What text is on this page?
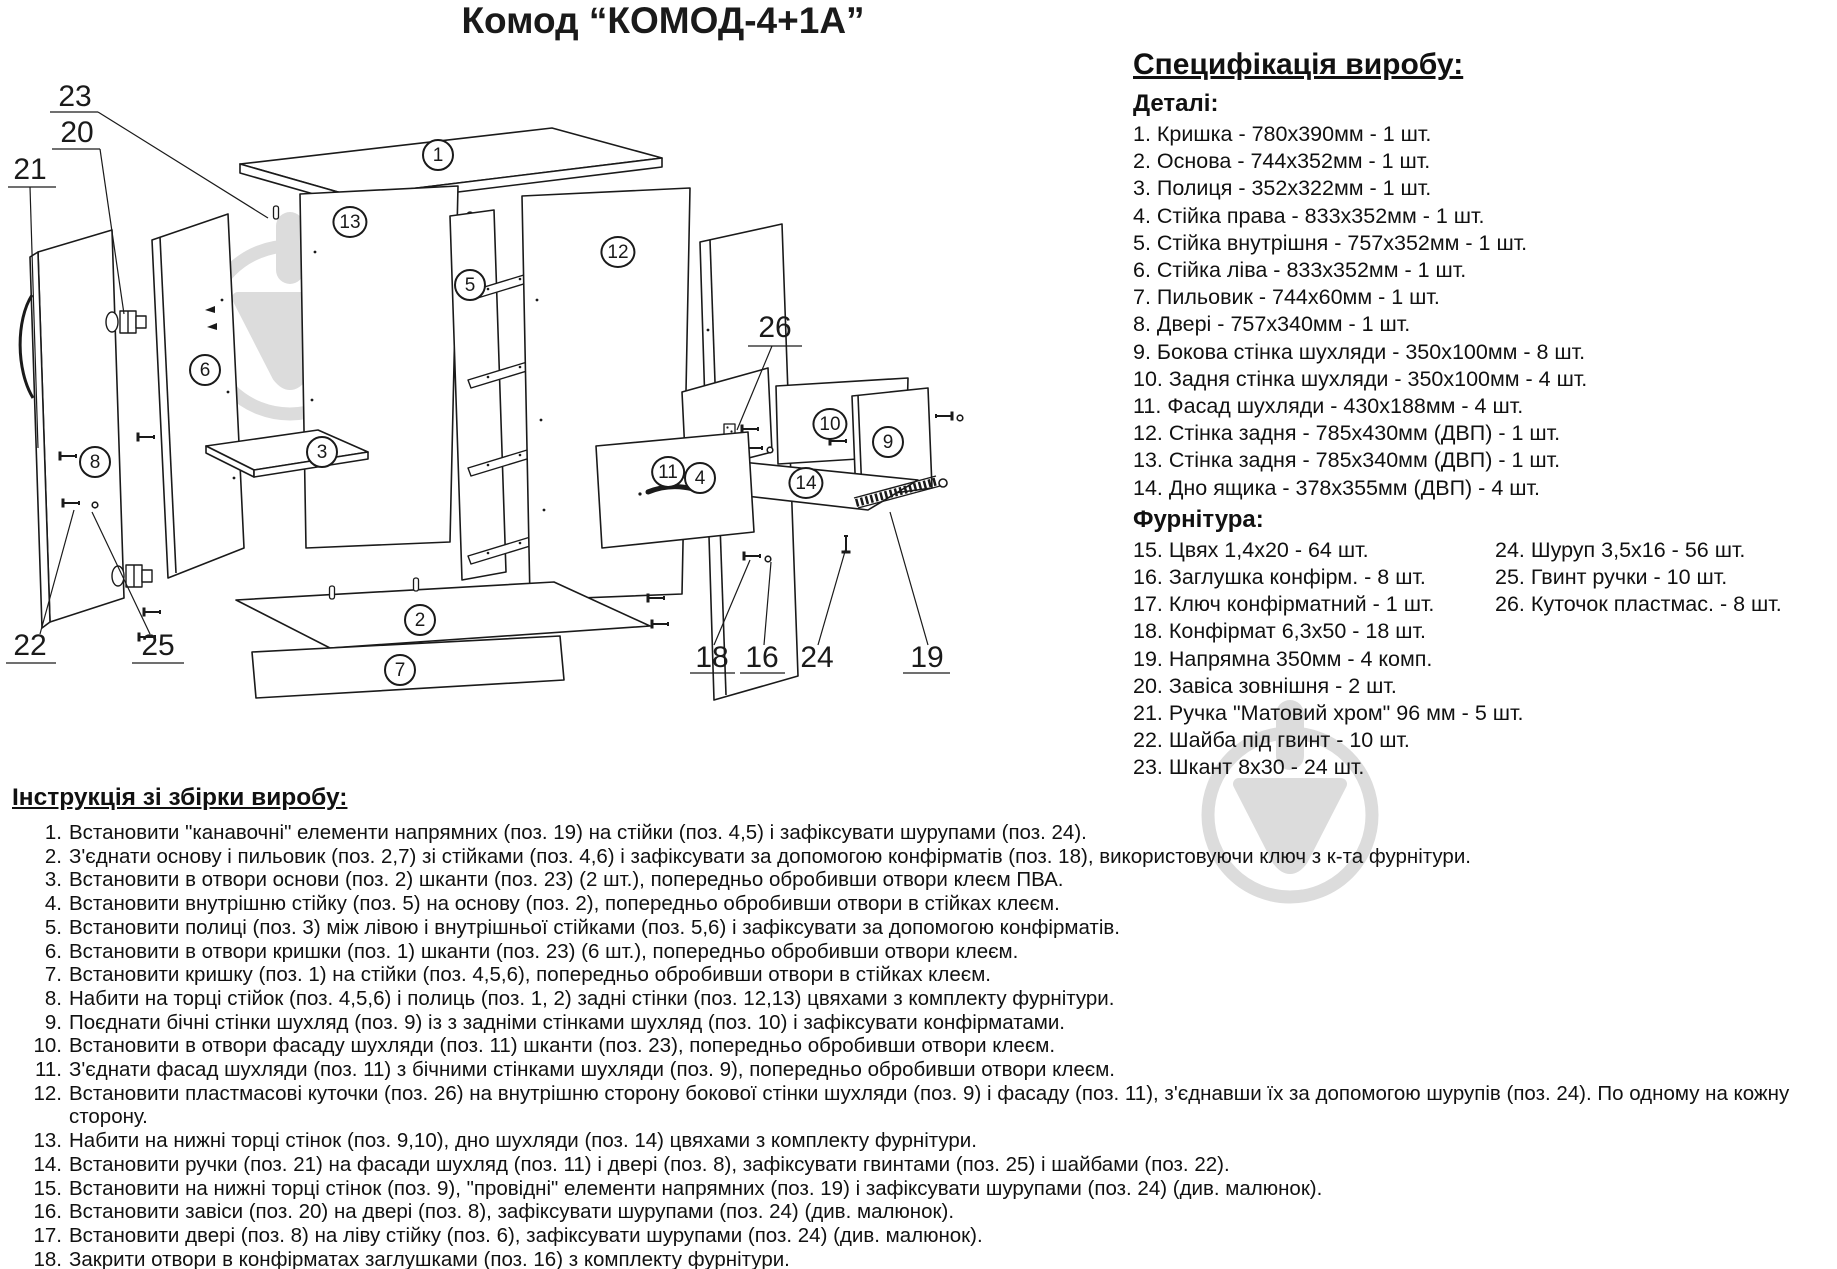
Комод “КОМОД-4+1А”
1
13
5
12
6
3
8
4
11
10
9
14
2
7
23
20
21
22	25
26
18 16 24	19
Специфікація виробу:
Деталі:
1. Кришка - 780х390мм - 1 шт.
2. Основа - 744х352мм - 1 шт.
3. Полиця - 352х322мм - 1 шт.
4. Стійка права - 833х352мм - 1 шт.
5. Стійка внутрішня - 757х352мм - 1 шт.
6. Стійка ліва - 833х352мм - 1 шт.
7. Пильовик - 744х60мм - 1 шт.
8. Двері - 757х340мм - 1 шт.
9. Бокова стінка шухляди - 350х100мм - 8 шт.
10. Задня стінка шухляди - 350х100мм - 4 шт.
11. Фасад шухляди - 430х188мм - 4 шт.
12. Стінка задня - 785х430мм (ДВП) - 1 шт.
13. Стінка задня - 785х340мм (ДВП) - 1 шт.
14. Дно ящика - 378х355мм (ДВП) - 4 шт.
Фурнітура:
15. Цвях 1,4х20 - 64 шт.	24. Шуруп 3,5х16 - 56 шт.
16. Заглушка конфірм. - 8 шт.	25. Гвинт ручки - 10 шт.
17. Ключ конфірматний - 1 шт.	26. Куточок пластмас. - 8 шт.
18. Конфірмат 6,3х50 - 18 шт.
19. Напрямна 350мм - 4 комп.
20. Завіса зовнішня - 2 шт.
21. Ручка "Матовий хром" 96 мм - 5 шт.
22. Шайба під гвинт - 10 шт.
23. Шкант 8х30 - 24 шт.
Інструкція зі збірки виробу:
1. Встановити "канавочні" елементи напрямних (поз. 19) на стійки (поз. 4,5) і зафіксувати шурупами (поз. 24).
2. З'єднати основу і пильовик (поз. 2,7) зі стійками (поз. 4,6) і зафіксувати за допомогою конфірматів (поз. 18), використовуючи ключ з к-та фурнітури.
3. Встановити в отвори основи (поз. 2) шканти (поз. 23) (2 шт.), попередньо обробивши отвори клеєм ПВА.
4. Встановити внутрішню стійку (поз. 5) на основу (поз. 2), попередньо обробивши отвори в стійках клеєм.
5. Встановити полиці (поз. 3) між лівою і внутрішньої стійками (поз. 5,6) і зафіксувати за допомогою конфірматів.
6. Встановити в отвори кришки (поз. 1) шканти (поз. 23) (6 шт.), попередньо обробивши отвори клеєм.
7. Встановити кришку (поз. 1) на стійки (поз. 4,5,6), попередньо обробивши отвори в стійках клеєм.
8. Набити на торці стійок (поз. 4,5,6) і полиць (поз. 1, 2) задні стінки (поз. 12,13) цвяхами з комплекту фурнітури.
9. Поєднати бічні стінки шухляд (поз. 9) із з задніми стінками шухляд (поз. 10) і зафіксувати конфірматами.
10. Встановити в отвори фасаду шухляди (поз. 11) шканти (поз. 23), попередньо обробивши отвори клеєм.
11. З'єднати фасад шухляди (поз. 11) з бічними стінками шухляди (поз. 9), попередньо обробивши отвори клеєм.
12. Встановити пластмасові куточки (поз. 26) на внутрішню сторону бокової стінки шухляди (поз. 9) і фасаду (поз. 11), з'єднавши їх за допомогою шурупів (поз. 24). По одному на кожну сторону.
13. Набити на нижні торці стінок (поз. 9,10), дно шухляди (поз. 14) цвяхами з комплекту фурнітури.
14. Встановити ручки (поз. 21) на фасади шухляд (поз. 11) і двері (поз. 8), зафіксувати гвинтами (поз. 25) і шайбами (поз. 22).
15. Встановити на нижні торці стінок (поз. 9), "провідні" елементи напрямних (поз. 19) і зафіксувати шурупами (поз. 24) (див. малюнок).
16. Встановити завіси (поз. 20) на двері (поз. 8), зафіксувати шурупами (поз. 24) (див. малюнок).
17. Встановити двері (поз. 8) на ліву стійку (поз. 6), зафіксувати шурупами (поз. 24) (див. малюнок).
18. Закрити отвори в конфірматах заглушками (поз. 16) з комплекту фурнітури.
